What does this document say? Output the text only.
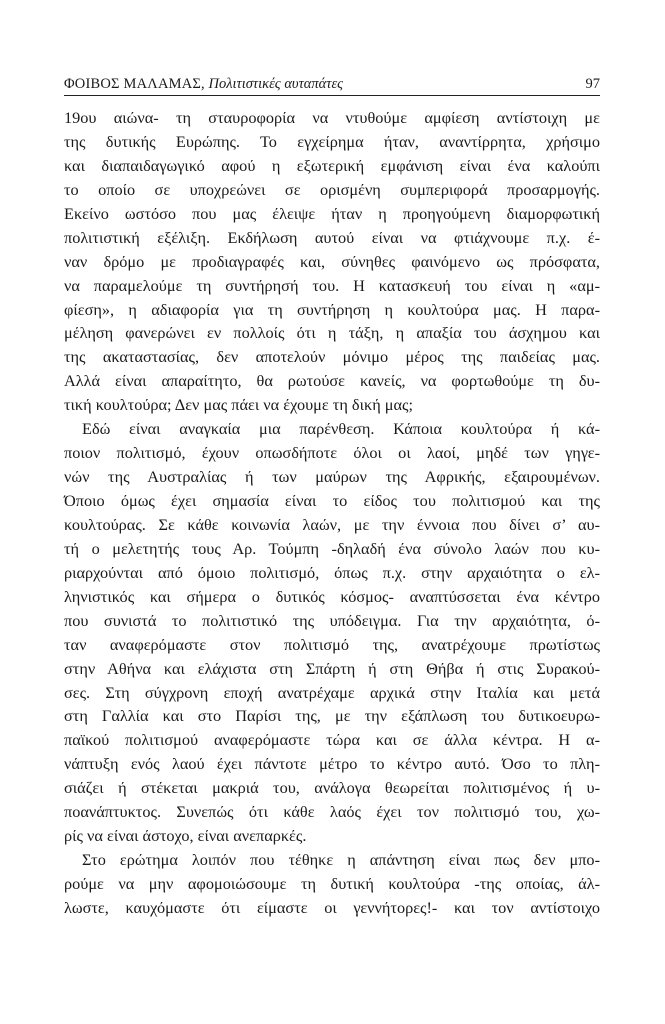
ΦΟΙΒΟΣ ΜΑΛΑΜΑΣ, Πολιτιστικές αυταπάτες	97
19ου αιώνα- τη σταυροφορία να ντυθούμε αμφίεση αντίστοιχη με
της δυτικής Ευρώπης. Το εγχείρημα ήταν, αναντίρρητα, χρήσιμο
και διαπαιδαγωγικό αφού η εξωτερική εμφάνιση είναι ένα καλούπι
το οποίο σε υποχρεώνει σε ορισμένη συμπεριφορά προσαρμογής.
Εκείνο ωστόσο που μας έλειψε ήταν η προηγούμενη διαμορφωτική
πολιτιστική εξέλιξη. Εκδήλωση αυτού είναι να φτιάχνουμε π.χ. έ-
ναν δρόμο με προδιαγραφές και, σύνηθες φαινόμενο ως πρόσφατα,
να παραμελούμε τη συντήρησή του. Η κατασκευή του είναι η «αμ-
φίεση», η αδιαφορία για τη συντήρηση η κουλτούρα μας. Η παρα-
μέληση φανερώνει εν πολλοίς ότι η τάξη, η απαξία του άσχημου και
της ακαταστασίας, δεν αποτελούν μόνιμο μέρος της παιδείας μας.
Αλλά είναι απαραίτητο, θα ρωτούσε κανείς, να φορτωθούμε τη δυ-
τική κουλτούρα; Δεν μας πάει να έχουμε τη δική μας;
Εδώ είναι αναγκαία μια παρένθεση. Κάποια κουλτούρα ή κά-
ποιον πολιτισμό, έχουν οπωσδήποτε όλοι οι λαοί, μηδέ των γηγε-
νών της Αυστραλίας ή των μαύρων της Αφρικής, εξαιρουμένων.
Όποιο όμως έχει σημασία είναι το είδος του πολιτισμού και της
κουλτούρας. Σε κάθε κοινωνία λαών, με την έννοια που δίνει σ’ αυ-
τή ο μελετητής τους Αρ. Τούμπη -δηλαδή ένα σύνολο λαών που κυ-
ριαρχούνται από όμοιο πολιτισμό, όπως π.χ. στην αρχαιότητα ο ελ-
ληνιστικός και σήμερα ο δυτικός κόσμος- αναπτύσσεται ένα κέντρο
που συνιστά το πολιτιστικό της υπόδειγμα. Για την αρχαιότητα, ό-
ταν αναφερόμαστε στον πολιτισμό της, ανατρέχουμε πρωτίστως
στην Αθήνα και ελάχιστα στη Σπάρτη ή στη Θήβα ή στις Συρακού-
σες. Στη σύγχρονη εποχή ανατρέχαμε αρχικά στην Ιταλία και μετά
στη Γαλλία και στο Παρίσι της, με την εξάπλωση του δυτικοευρω-
παϊκού πολιτισμού αναφερόμαστε τώρα και σε άλλα κέντρα. Η α-
νάπτυξη ενός λαού έχει πάντοτε μέτρο το κέντρο αυτό. Όσο το πλη-
σιάζει ή στέκεται μακριά του, ανάλογα θεωρείται πολιτισμένος ή υ-
ποανάπτυκτος. Συνεπώς ότι κάθε λαός έχει τον πολιτισμό του, χω-
ρίς να είναι άστοχο, είναι ανεπαρκές.
Στο ερώτημα λοιπόν που τέθηκε η απάντηση είναι πως δεν μπο-
ρούμε να μην αφομοιώσουμε τη δυτική κουλτούρα -της οποίας, άλ-
λωστε, καυχόμαστε ότι είμαστε οι γεννήτορες!- και τον αντίστοιχο
